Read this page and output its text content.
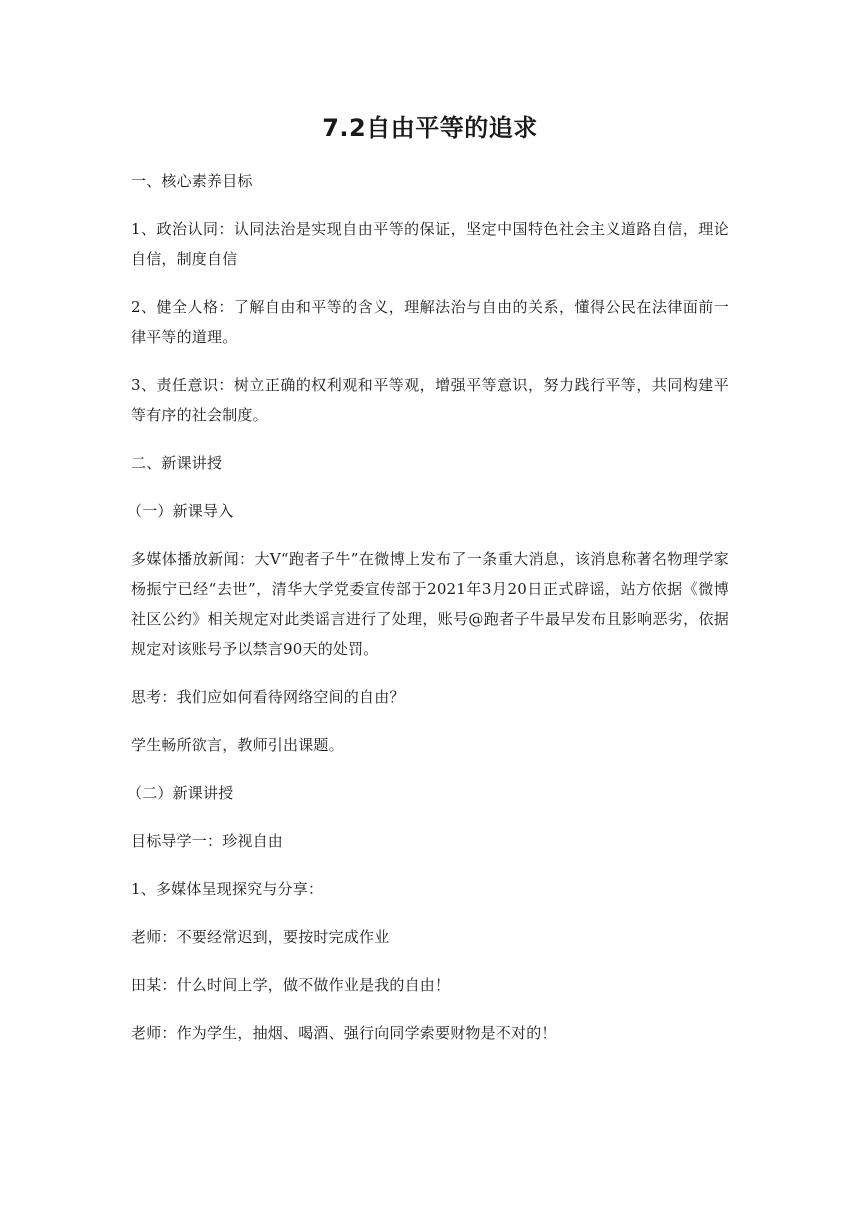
7.2自由平等的追求

一、核心素养目标

1、政治认同：认同法治是实现自由平等的保证，坚定中国特色社会主义道路自信，理论自信，制度自信

2、健全人格：了解自由和平等的含义，理解法治与自由的关系，懂得公民在法律面前一律平等的道理。

3、责任意识：树立正确的权利观和平等观，增强平等意识，努力践行平等，共同构建平等有序的社会制度。

二、新课讲授

（一）新课导入

多媒体播放新闻：大V“跑者子牛”在微博上发布了一条重大消息，该消息称著名物理学家杨振宁已经“去世”，清华大学党委宣传部于2021年3月20日正式辟谣，站方依据《微博社区公约》相关规定对此类谣言进行了处理，账号@跑者子牛最早发布且影响恶劣，依据规定对该账号予以禁言90天的处罚。

思考：我们应如何看待网络空间的自由？

学生畅所欲言，教师引出课题。

（二）新课讲授

目标导学一：珍视自由

1、多媒体呈现探究与分享：

老师：不要经常迟到，要按时完成作业

田某：什么时间上学，做不做作业是我的自由！

老师：作为学生，抽烟、喝酒、强行向同学索要财物是不对的！
